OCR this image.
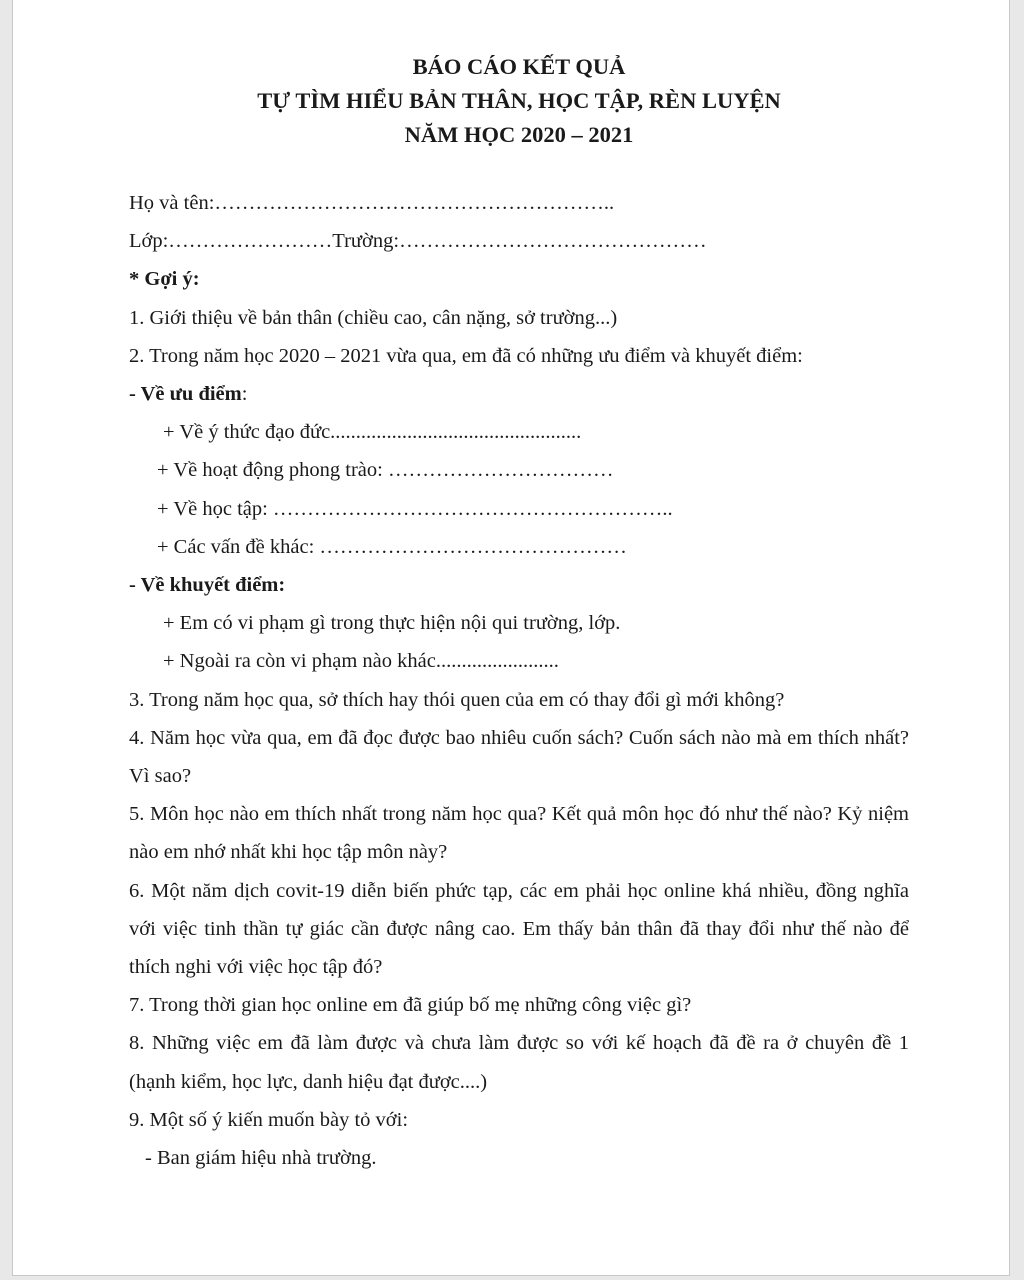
BÁO CÁO KẾT QUẢ
TỰ TÌM HIỂU BẢN THÂN, HỌC TẬP, RÈN LUYỆN
NĂM HỌC 2020 – 2021
Họ và tên:…………………………………………………..
Lớp:……………………Trường:………………………………………
* Gợi ý:
1. Giới thiệu về bản thân (chiều cao, cân nặng, sở trường...)
2. Trong năm học 2020 – 2021 vừa qua, em đã có những ưu điểm và khuyết điểm:
- Về ưu điểm:
+ Về ý thức đạo đức.................................................
+ Về hoạt động phong trào: ……………………………
+ Về học tập: …………………………………………………..
+ Các vấn đề khác: ………………………………………
- Về khuyết điểm:
+ Em có vi phạm gì trong thực hiện nội qui trường, lớp.
+ Ngoài ra còn vi phạm nào khác........................
3. Trong năm học qua, sở thích hay thói quen của em có thay đổi gì mới không?
4. Năm học vừa qua, em đã đọc được bao nhiêu cuốn sách? Cuốn sách nào mà em thích nhất? Vì sao?
5. Môn học nào em thích nhất trong năm học qua? Kết quả môn học đó như thế nào? Kỷ niệm nào em nhớ nhất khi học tập môn này?
6. Một năm dịch covit-19 diễn biến phức tạp, các em phải học online khá nhiều, đồng nghĩa với việc tinh thần tự giác cần được nâng cao. Em thấy bản thân đã thay đổi như thế nào để thích nghi với việc học tập đó?
7. Trong thời gian học online em đã giúp bố mẹ những công việc gì?
8. Những việc em đã làm được và chưa làm được so với kế hoạch đã đề ra ở chuyên đề 1 (hạnh kiểm, học lực, danh hiệu đạt được....)
9. Một số ý kiến muốn bày tỏ với:
- Ban giám hiệu nhà trường.
